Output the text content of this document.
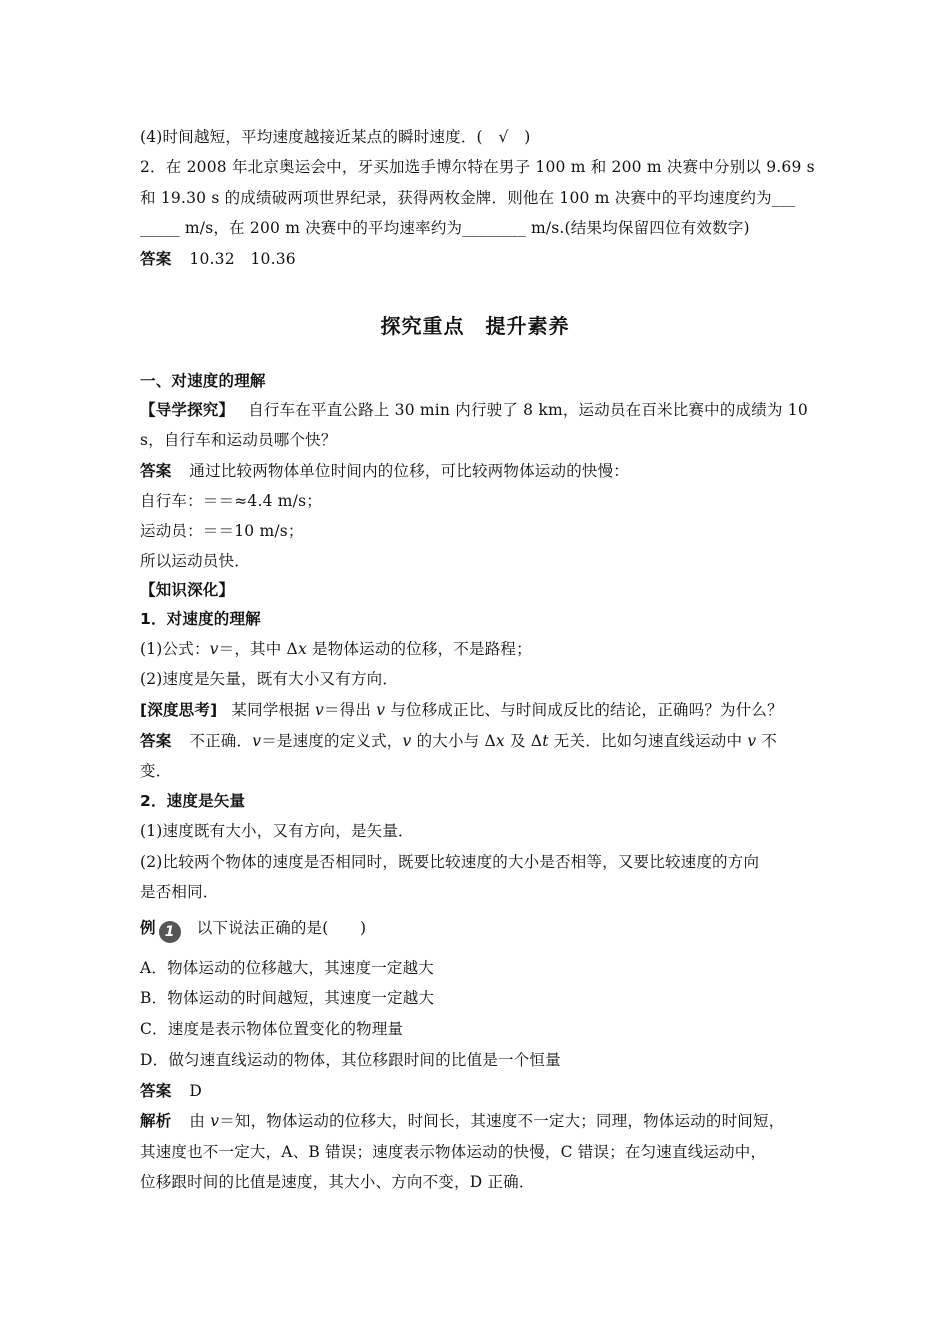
(4)时间越短，平均速度越接近某点的瞬时速度．(　√　)
2．在 2008 年北京奥运会中，牙买加选手博尔特在男子 100 m 和 200 m 决赛中分别以 9.69 s
和 19.30 s 的成绩破两项世界纪录，获得两枚金牌．则他在 100 m 决赛中的平均速度约为___
_____ m/s，在 200 m 决赛中的平均速率约为________ m/s.(结果均保留四位有效数字)
答案 10.32　10.36
探究重点　提升素养
一、对速度的理解
【导学探究】 自行车在平直公路上 30 min 内行驶了 8 km，运动员在百米比赛中的成绩为 10
s，自行车和运动员哪个快？
答案 通过比较两物体单位时间内的位移，可比较两物体运动的快慢：
自行车：＝＝≈4.4 m/s；
运动员：＝＝10 m/s；
所以运动员快．
【知识深化】
1．对速度的理解
(1)公式：v＝，其中 Δx 是物体运动的位移，不是路程；
(2)速度是矢量，既有大小又有方向．
[深度思考] 某同学根据 v＝得出 v 与位移成正比、与时间成反比的结论，正确吗？为什么？
答案 不正确．v＝是速度的定义式，v 的大小与 Δx 及 Δt 无关．比如匀速直线运动中 v 不
变．
2．速度是矢量
(1)速度既有大小，又有方向，是矢量．
(2)比较两个物体的速度是否相同时，既要比较速度的大小是否相等，又要比较速度的方向
是否相同．
例 1 以下说法正确的是(　　)
A．物体运动的位移越大，其速度一定越大
B．物体运动的时间越短，其速度一定越大
C．速度是表示物体位置变化的物理量
D．做匀速直线运动的物体，其位移跟时间的比值是一个恒量
答案 D
解析 由 v＝知，物体运动的位移大，时间长，其速度不一定大；同理，物体运动的时间短，
其速度也不一定大，A、B 错误；速度表示物体运动的快慢，C 错误；在匀速直线运动中，
位移跟时间的比值是速度，其大小、方向不变，D 正确．
